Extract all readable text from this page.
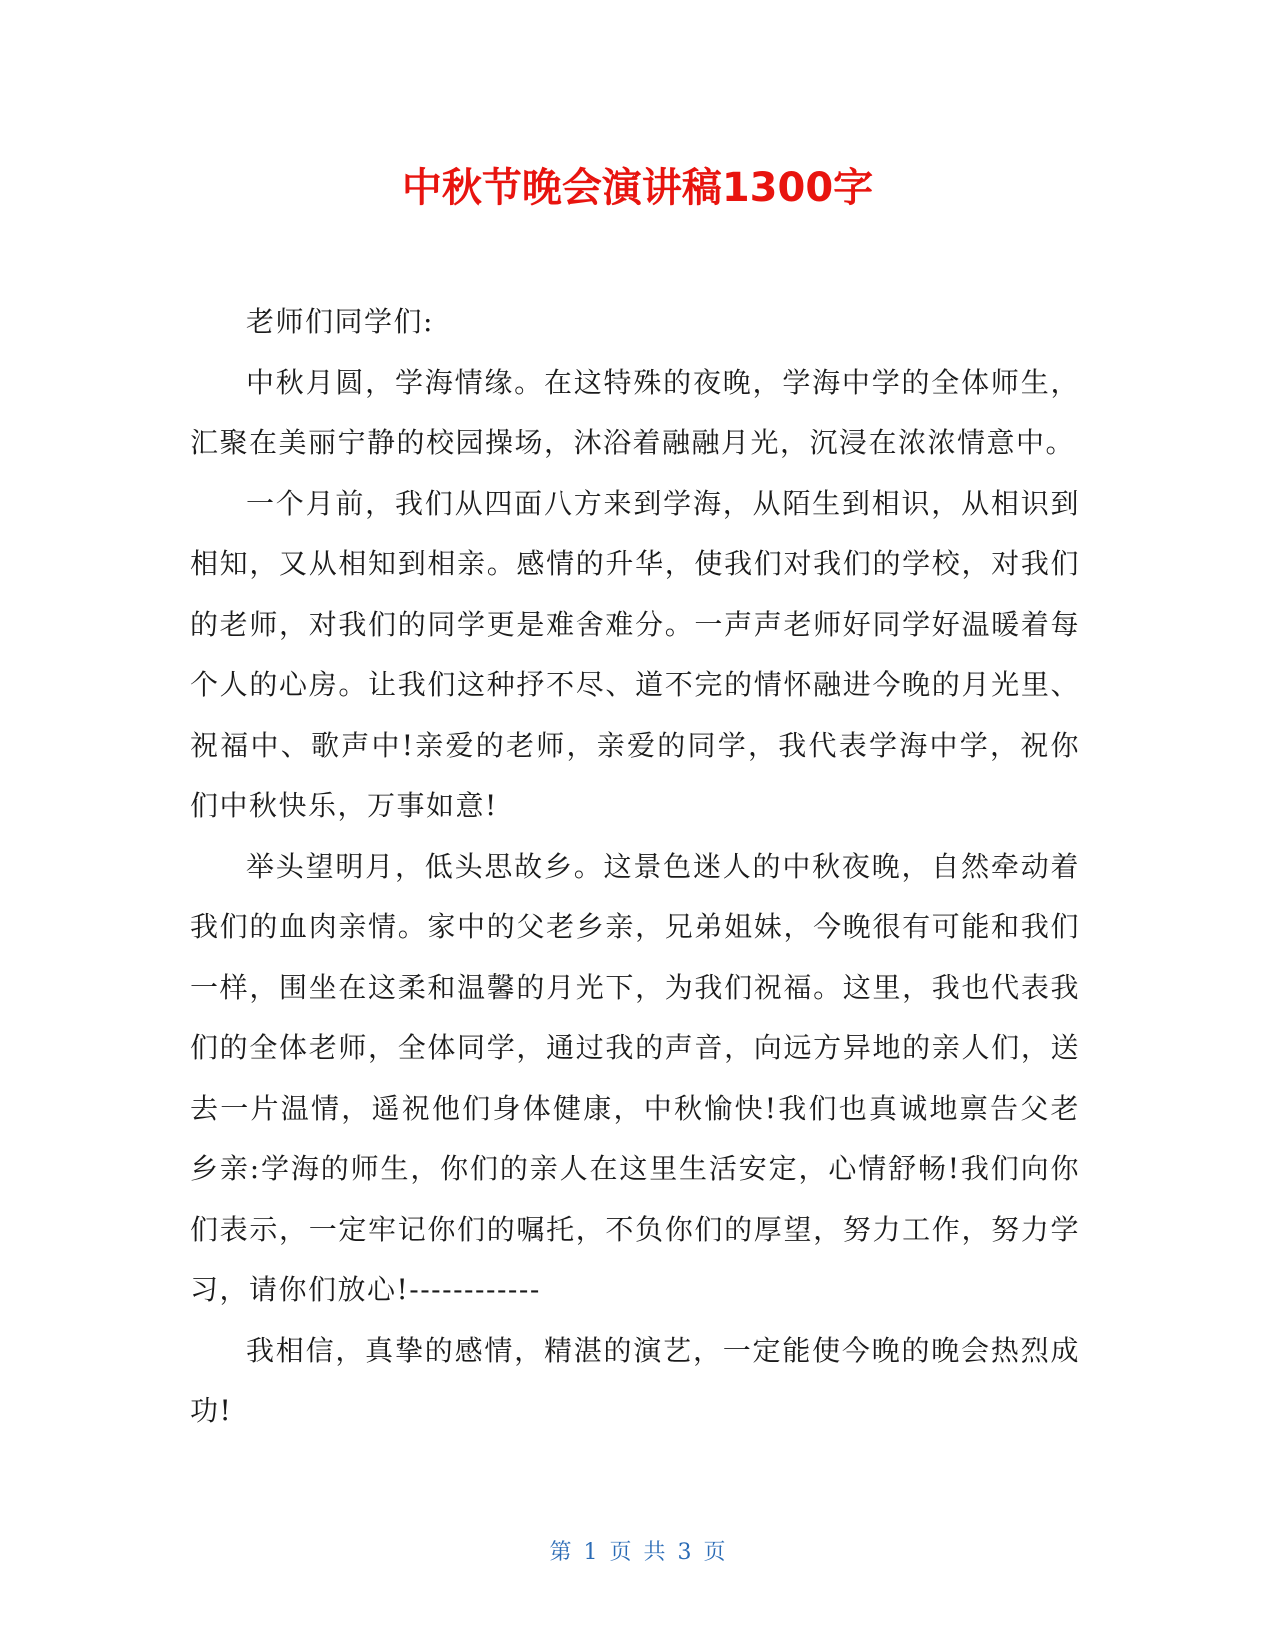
中秋节晚会演讲稿1300字

老师们同学们:

中秋月圆，学海情缘。在这特殊的夜晚，学海中学的全体师生，汇聚在美丽宁静的校园操场，沐浴着融融月光，沉浸在浓浓情意中。

一个月前，我们从四面八方来到学海，从陌生到相识，从相识到相知，又从相知到相亲。感情的升华，使我们对我们的学校，对我们的老师，对我们的同学更是难舍难分。一声声老师好同学好温暖着每个人的心房。让我们这种抒不尽、道不完的情怀融进今晚的月光里、祝福中、歌声中!亲爱的老师，亲爱的同学，我代表学海中学，祝你们中秋快乐，万事如意!

举头望明月，低头思故乡。这景色迷人的中秋夜晚，自然牵动着我们的血肉亲情。家中的父老乡亲，兄弟姐妹，今晚很有可能和我们一样，围坐在这柔和温馨的月光下，为我们祝福。这里，我也代表我们的全体老师，全体同学，通过我的声音，向远方异地的亲人们，送去一片温情，遥祝他们身体健康，中秋愉快!我们也真诚地禀告父老乡亲:学海的师生，你们的亲人在这里生活安定，心情舒畅!我们向你们表示，一定牢记你们的嘱托，不负你们的厚望，努力工作，努力学习，请你们放心!------------

我相信，真挚的感情，精湛的演艺，一定能使今晚的晚会热烈成功!

第 1 页 共 3 页
